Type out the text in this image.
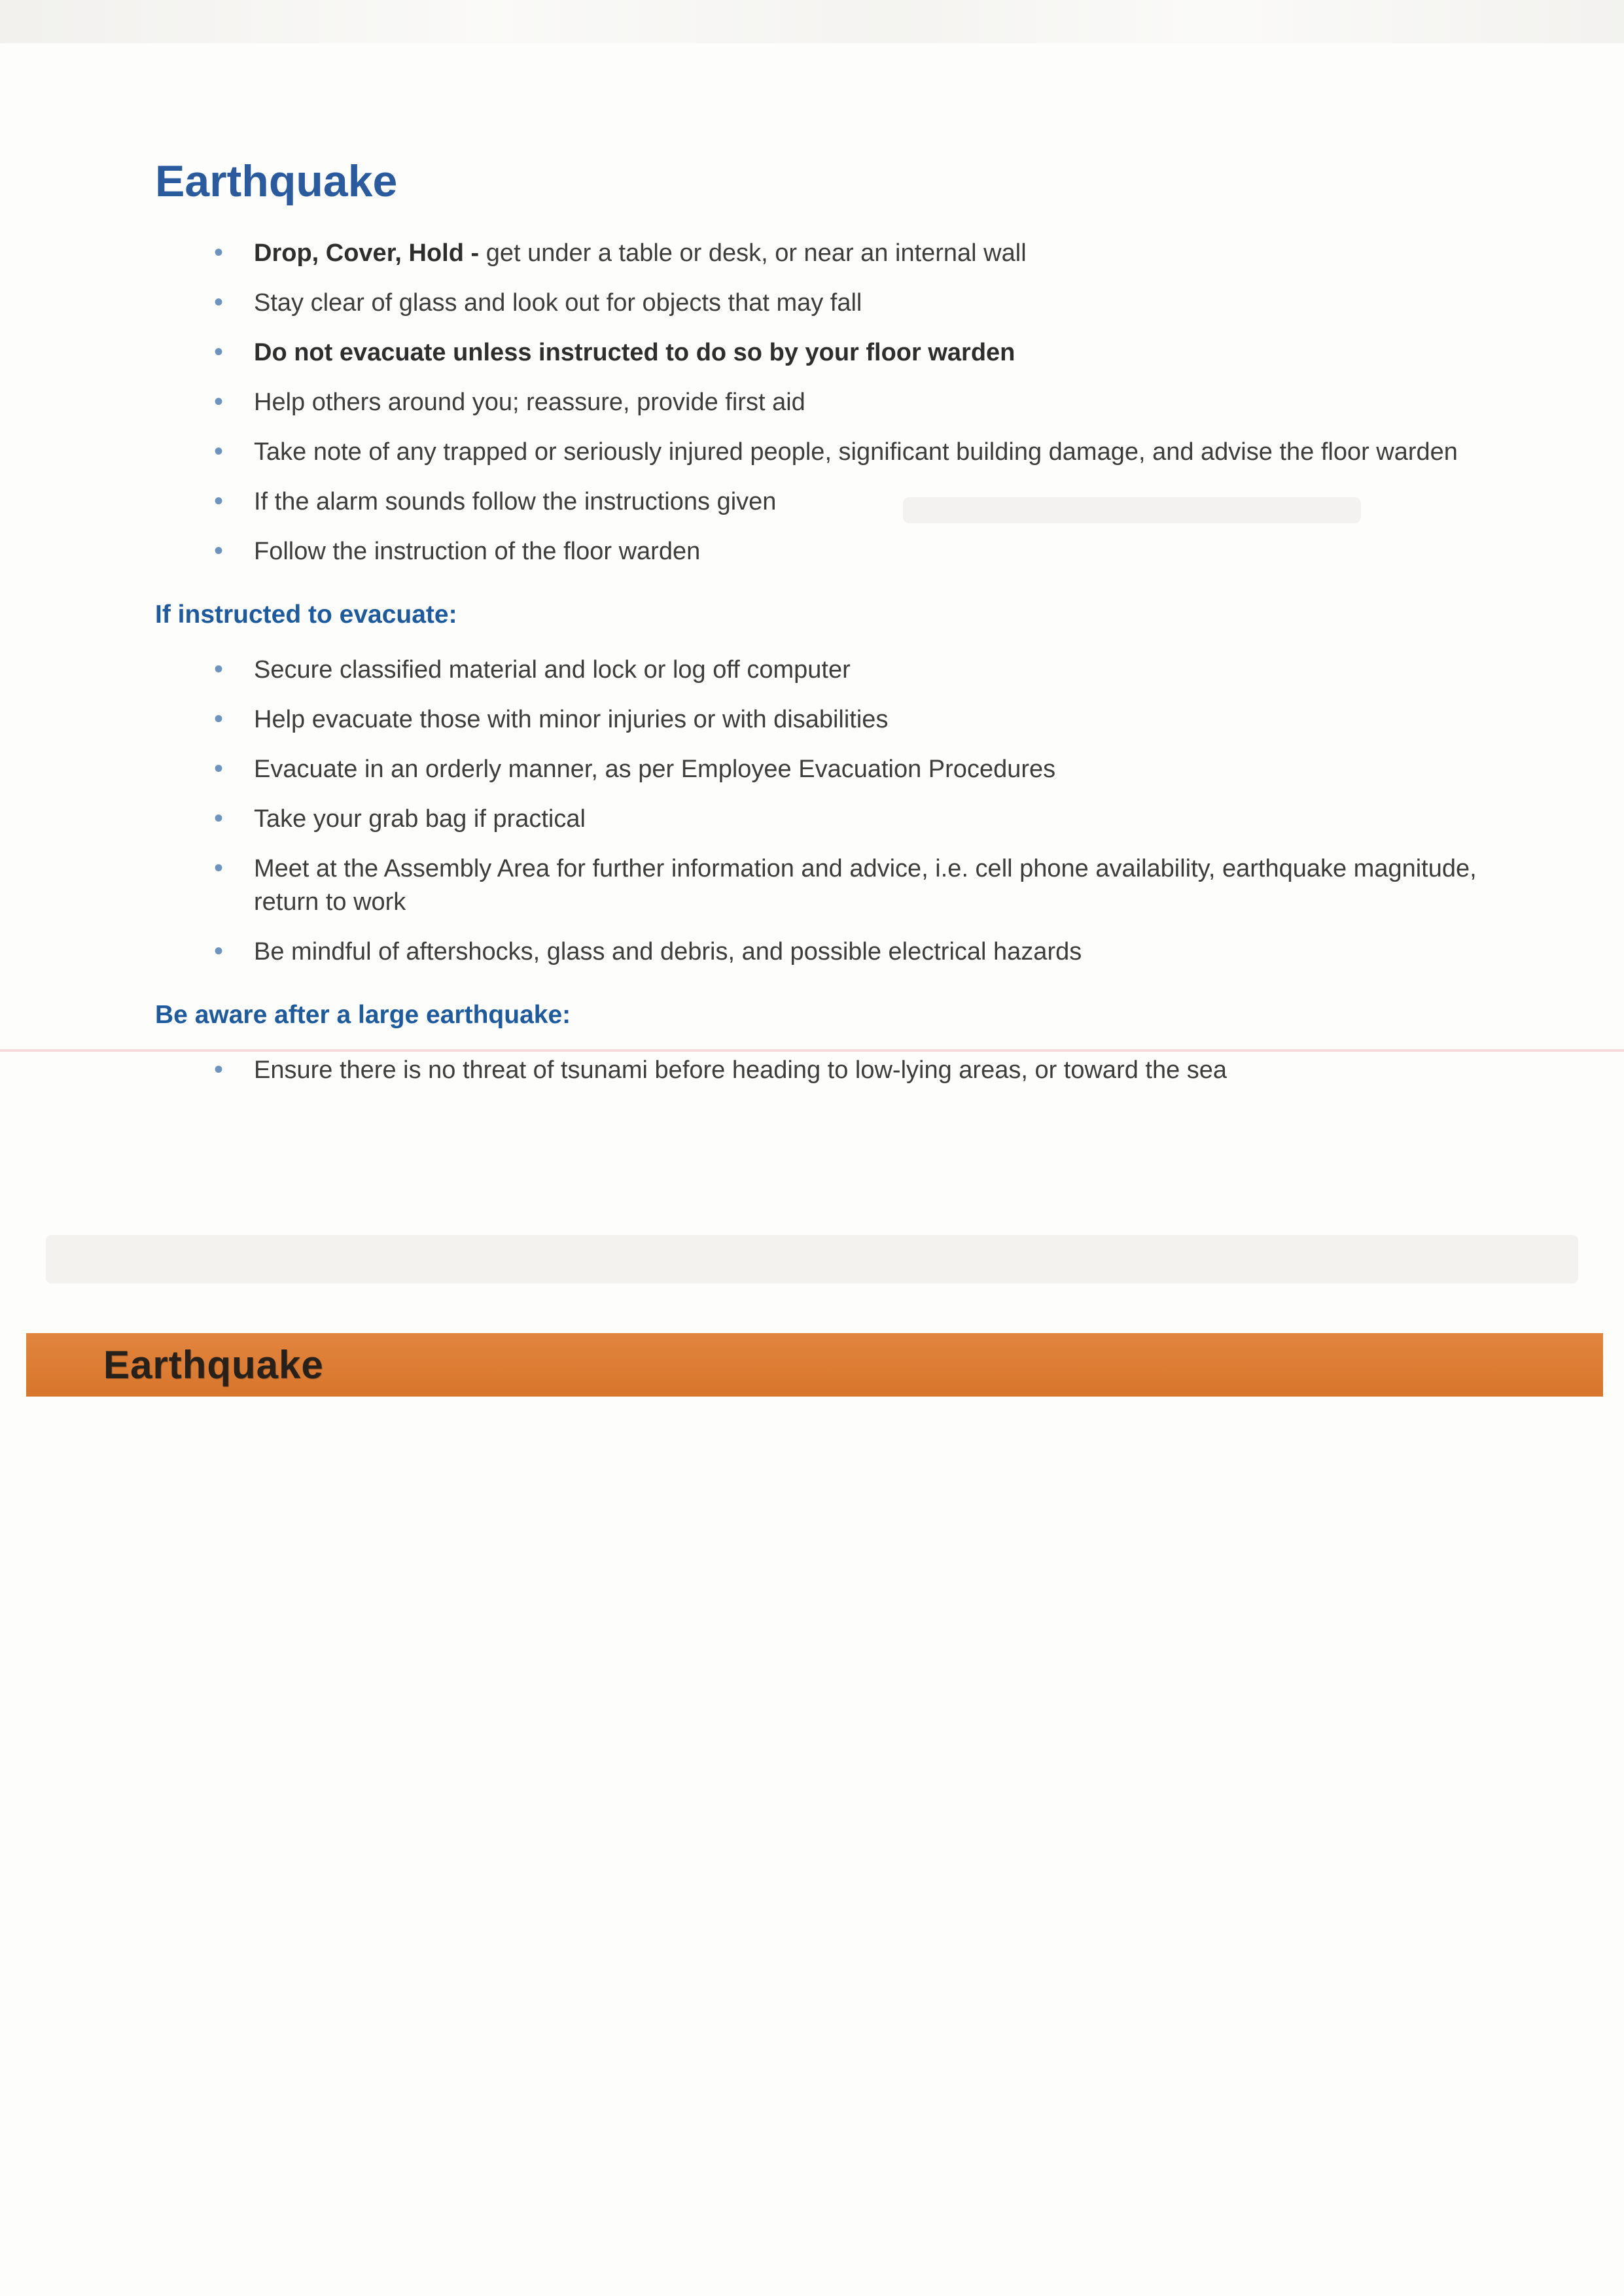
Earthquake
• Drop, Cover, Hold - get under a table or desk, or near an internal wall
• Stay clear of glass and look out for objects that may fall
• Do not evacuate unless instructed to do so by your floor warden
• Help others around you; reassure, provide first aid
• Take note of any trapped or seriously injured people, significant building damage, and advise the floor warden
• If the alarm sounds follow the instructions given
• Follow the instruction of the floor warden
If instructed to evacuate:
• Secure classified material and lock or log off computer
• Help evacuate those with minor injuries or with disabilities
• Evacuate in an orderly manner, as per Employee Evacuation Procedures
• Take your grab bag if practical
• Meet at the Assembly Area for further information and advice, i.e. cell phone availability, earthquake magnitude, return to work
• Be mindful of aftershocks, glass and debris, and possible electrical hazards
Be aware after a large earthquake:
• Ensure there is no threat of tsunami before heading to low-lying areas, or toward the sea
Earthquake
